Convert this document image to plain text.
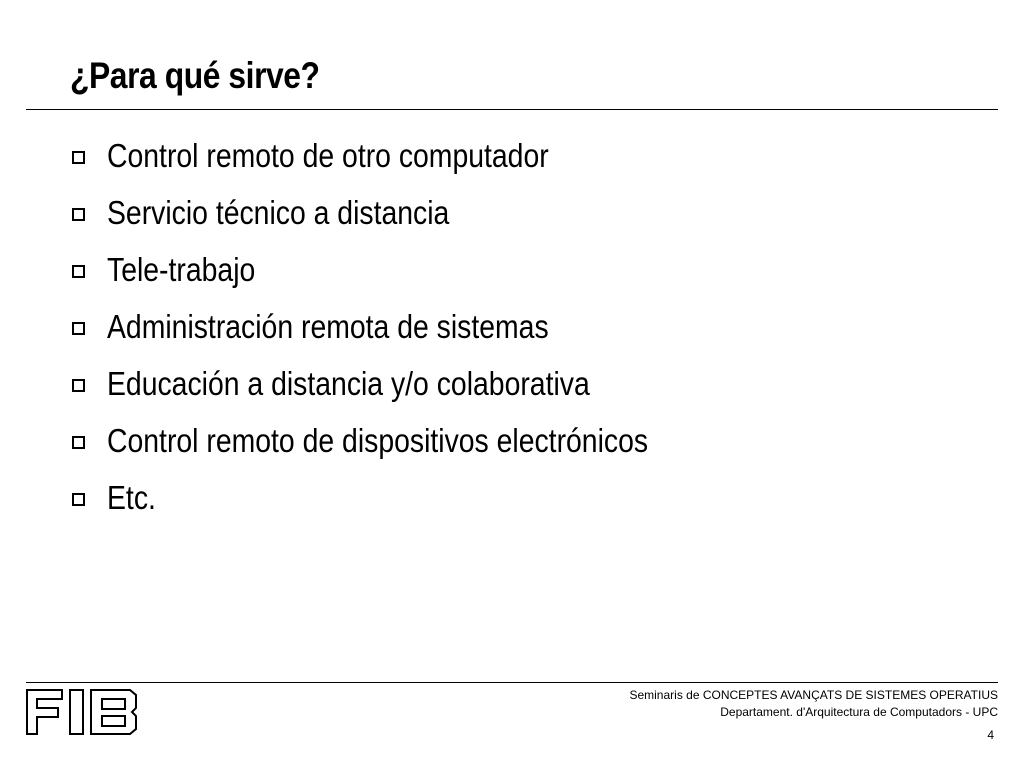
¿Para qué sirve?
Control remoto de otro computador
Servicio técnico a distancia
Tele-trabajo
Administración remota de sistemas
Educación a distancia y/o colaborativa
Control remoto de dispositivos electrónicos
Etc.
Seminaris de CONCEPTES AVANÇATS DE SISTEMES OPERATIUS
Departament. d'Arquitectura de Computadors - UPC
4
